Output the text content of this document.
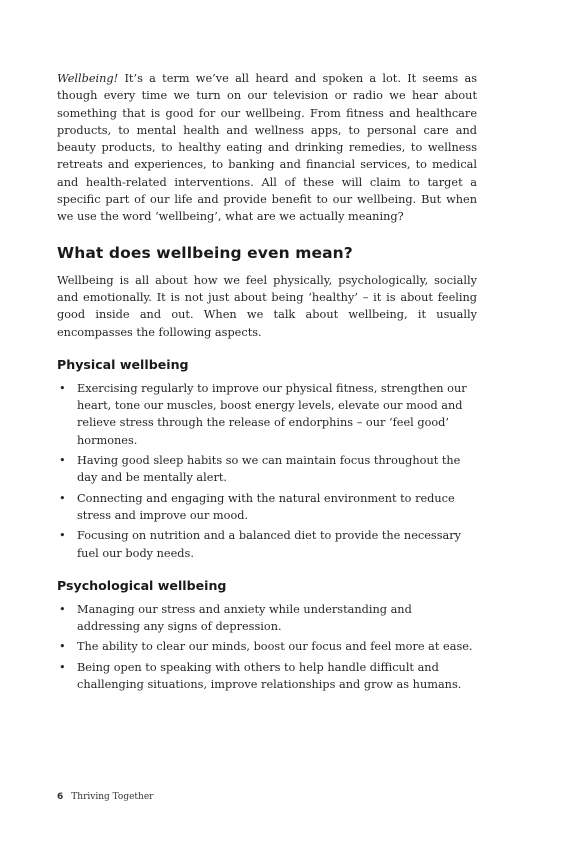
Wellbeing! It’s a term we’ve all heard and spoken a lot. It seems as though every time we turn on our television or radio we hear about something that is good for our wellbeing. From fitness and healthcare products, to mental health and wellness apps, to personal care and beauty products, to healthy eating and drinking remedies, to wellness retreats and experiences, to banking and financial services, to medical and health-related interventions. All of these will claim to target a specific part of our life and provide benefit to our wellbeing. But when we use the word ‘wellbeing’, what are we actually meaning?

What does wellbeing even mean?

Wellbeing is all about how we feel physically, psychologically, socially and emotionally. It is not just about being ‘healthy’ – it is about feeling good inside and out. When we talk about wellbeing, it usually encompasses the following aspects.

Physical wellbeing
• Exercising regularly to improve our physical fitness, strengthen our heart, tone our muscles, boost energy levels, elevate our mood and relieve stress through the release of endorphins – our ‘feel good’ hormones.
• Having good sleep habits so we can maintain focus throughout the day and be mentally alert.
• Connecting and engaging with the natural environment to reduce stress and improve our mood.
• Focusing on nutrition and a balanced diet to provide the necessary fuel our body needs.
Psychological wellbeing
• Managing our stress and anxiety while understanding and addressing any signs of depression.
• The ability to clear our minds, boost our focus and feel more at ease.
• Being open to speaking with others to help handle difficult and challenging situations, improve relationships and grow as humans.
6 Thriving Together
